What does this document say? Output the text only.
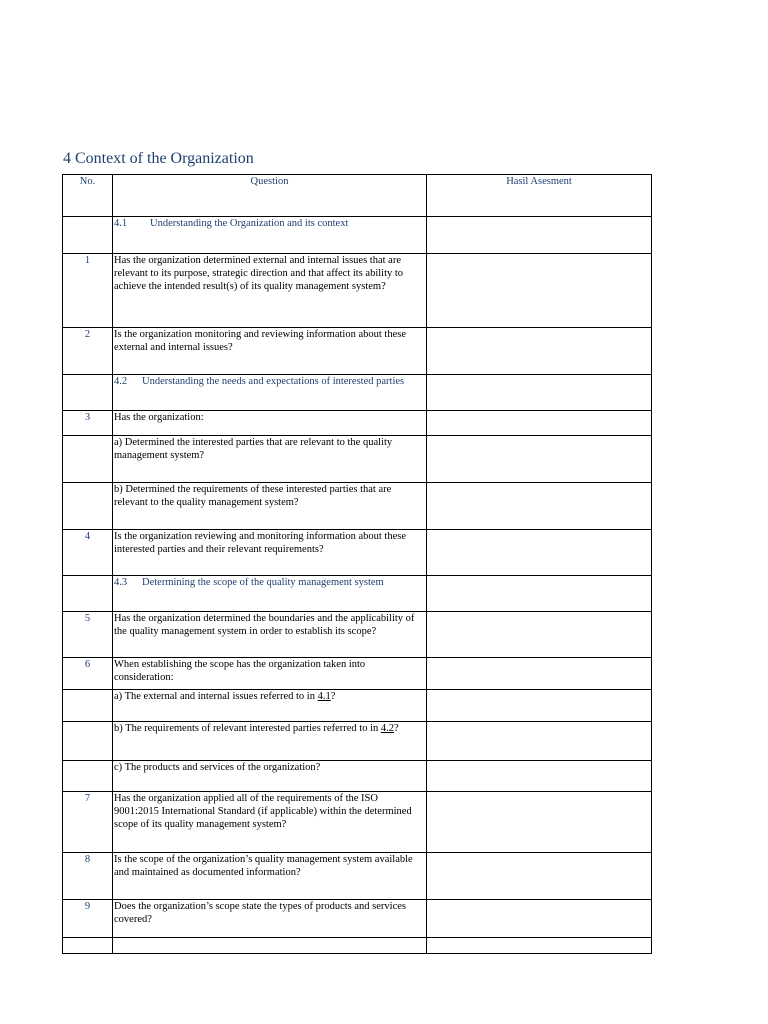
4 Context of the Organization
No.	Question	Hasil Asesment
	4.1 Understanding the Organization and its context	
1	Has the organization determined external and internal issues that are relevant to its purpose, strategic direction and that affect its ability to achieve the intended result(s) of its quality management system?	
2	Is the organization monitoring and reviewing information about these external and internal issues?	
	4.2 Understanding the needs and expectations of interested parties	
3	Has the organization:	
	a) Determined the interested parties that are relevant to the quality management system?	
	b) Determined the requirements of these interested parties that are relevant to the quality management system?	
4	Is the organization reviewing and monitoring information about these interested parties and their relevant requirements?	
	4.3 Determining the scope of the quality management system	
5	Has the organization determined the boundaries and the applicability of the quality management system in order to establish its scope?	
6	When establishing the scope has the organization taken into consideration:	
	a) The external and internal issues referred to in 4.1?	
	b) The requirements of relevant interested parties referred to in 4.2?	
	c) The products and services of the organization?	
7	Has the organization applied all of the requirements of the ISO 9001:2015 International Standard (if applicable) within the determined scope of its quality management system?	
8	Is the scope of the organization’s quality management system available and maintained as documented information?	
9	Does the organization’s scope state the types of products and services covered?	
